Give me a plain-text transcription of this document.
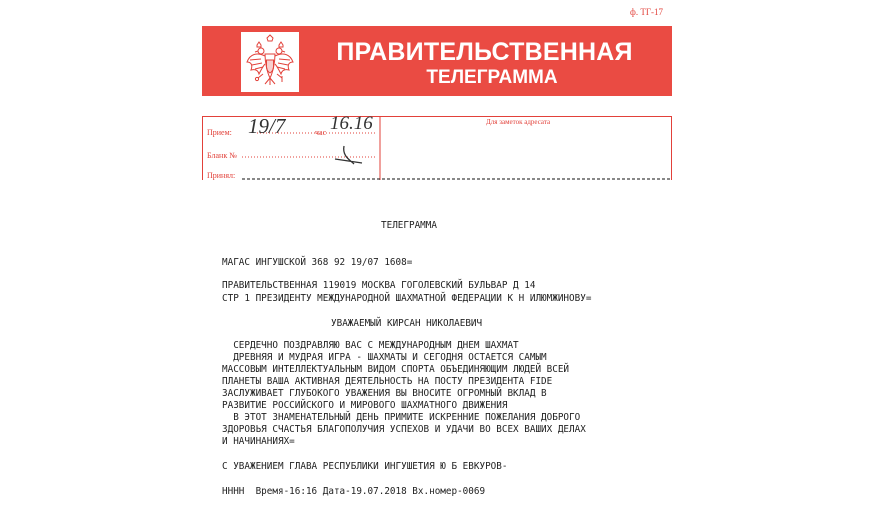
ф. ТГ-17
ПРАВИТЕЛЬСТВЕННАЯ
ТЕЛЕГРАММА
Прием: 19/7	час 16.16
Бланк №
Принял:
Для заметок адресата
ТЕЛЕГРАММА
МАГАС ИНГУШСКОЙ 368 92 19/07 1608=
ПРАВИТЕЛЬСТВЕННАЯ 119019 МОСКВА ГОГОЛЕВСКИЙ БУЛЬВАР Д 14
СТР 1 ПРЕЗИДЕНТУ МЕЖДУНАРОДНОЙ ШАХМАТНОЙ ФЕДЕРАЦИИ К Н ИЛЮМЖИНОВУ=
УВАЖАЕМЫЙ КИРСАН НИКОЛАЕВИЧ
СЕРДЕЧНО ПОЗДРАВЛЯЮ ВАС С МЕЖДУНАРОДНЫМ ДНЕМ ШАХМАТ
ДРЕВНЯЯ И МУДРАЯ ИГРА - ШАХМАТЫ И СЕГОДНЯ ОСТАЕТСЯ САМЫМ
МАССОВЫМ ИНТЕЛЛЕКТУАЛЬНЫМ ВИДОМ СПОРТА ОБЪЕДИНЯЮЩИМ ЛЮДЕЙ ВСЕЙ
ПЛАНЕТЫ ВАША АКТИВНАЯ ДЕЯТЕЛЬНОСТЬ НА ПОСТУ ПРЕЗИДЕНТА FIDE
ЗАСЛУЖИВАЕТ ГЛУБОКОГО УВАЖЕНИЯ ВЫ ВНОСИТЕ ОГРОМНЫЙ ВКЛАД В
РАЗВИТИЕ РОССИЙСКОГО И МИРОВОГО ШАХМАТНОГО ДВИЖЕНИЯ
В ЭТОТ ЗНАМЕНАТЕЛЬНЫЙ ДЕНЬ ПРИМИТЕ ИСКРЕННИЕ ПОЖЕЛАНИЯ ДОБРОГО
ЗДОРОВЬЯ СЧАСТЬЯ БЛАГОПОЛУЧИЯ УСПЕХОВ И УДАЧИ ВО ВСЕХ ВАШИХ ДЕЛАХ
И НАЧИНАНИЯХ=
С УВАЖЕНИЕМ ГЛАВА РЕСПУБЛИКИ ИНГУШЕТИЯ Ю Б ЕВКУРОВ-
НННН  Время-16:16 Дата-19.07.2018 Вх.номер-0069
